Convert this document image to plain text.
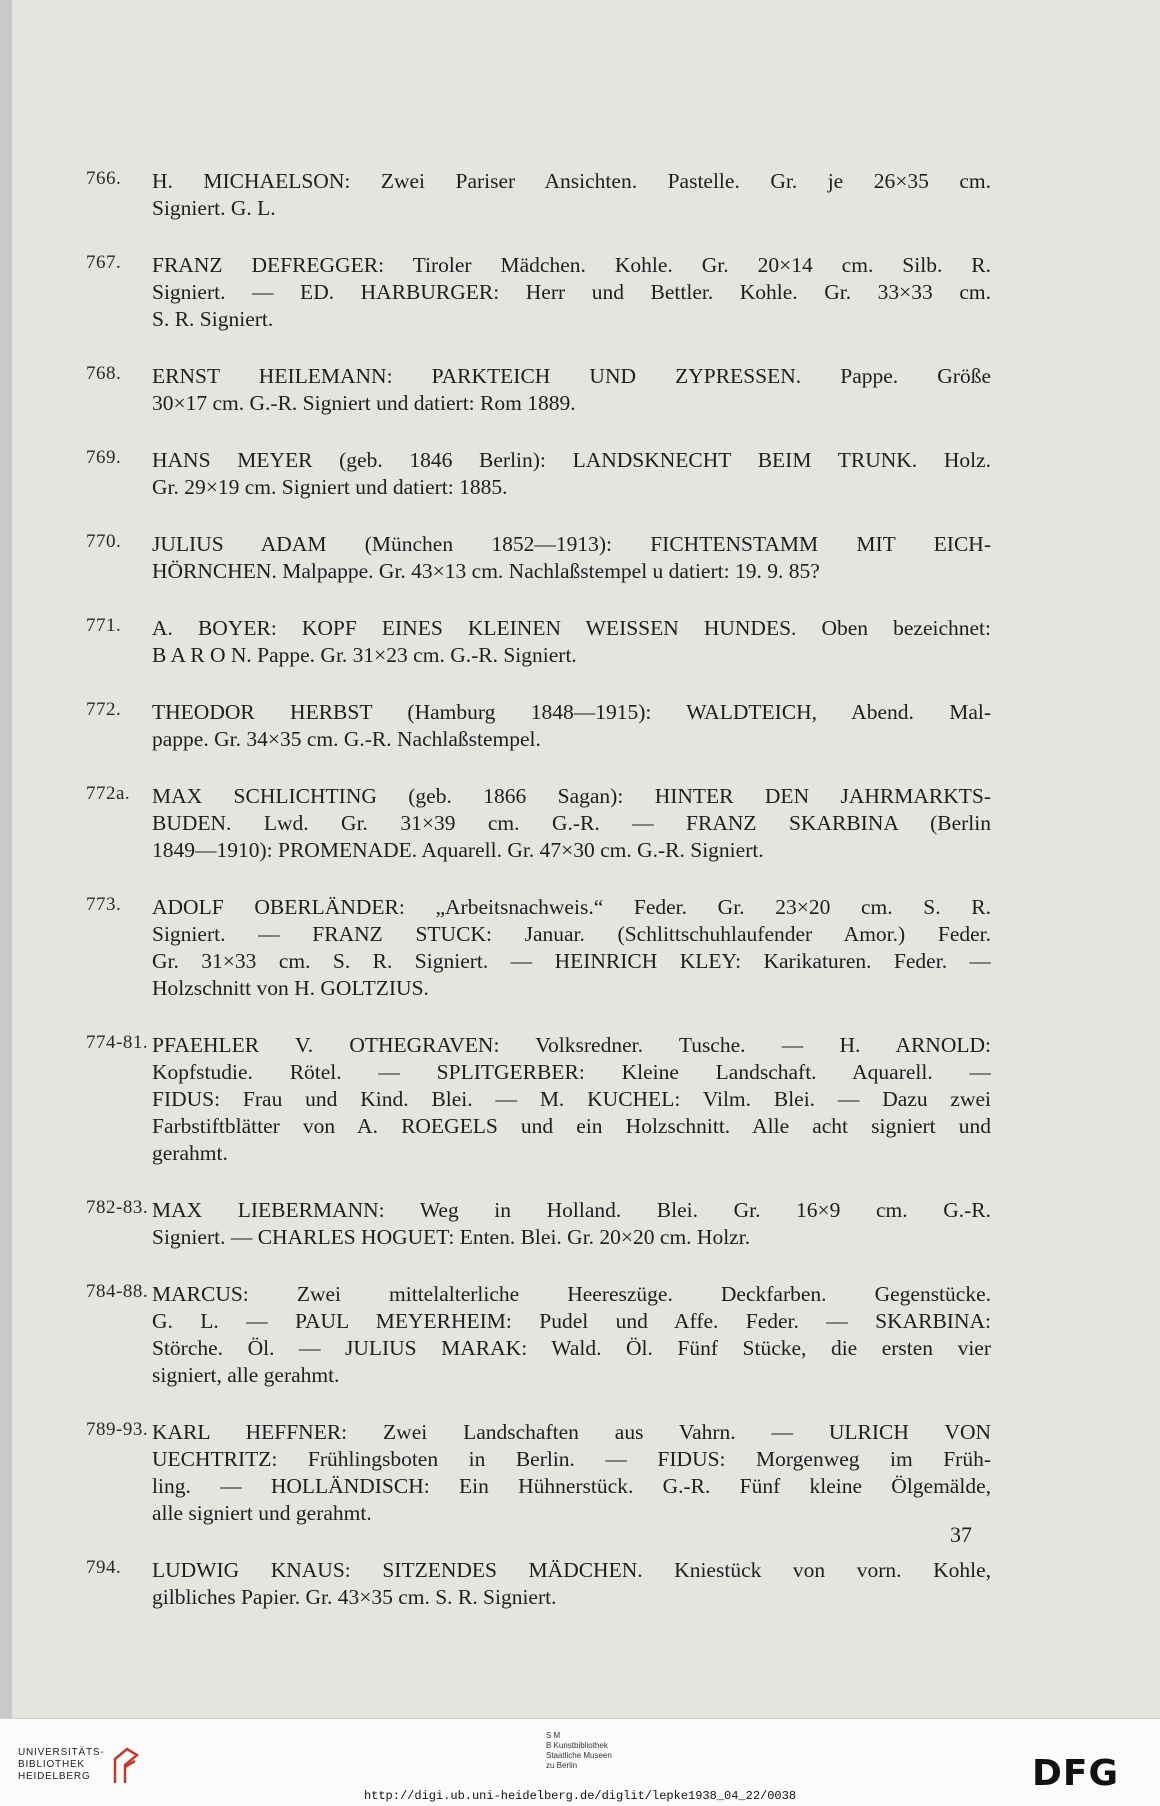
766. H. MICHAELSON: Zwei Pariser Ansichten. Pastelle. Gr. je 26×35 cm.
Signiert. G. L.
767. FRANZ DEFREGGER: Tiroler Mädchen. Kohle. Gr. 20×14 cm. Silb. R.
Signiert. — ED. HARBURGER: Herr und Bettler. Kohle. Gr. 33×33 cm.
S. R. Signiert.
768. ERNST HEILEMANN: PARKTEICH UND ZYPRESSEN. Pappe. Größe
30×17 cm. G.-R. Signiert und datiert: Rom 1889.
769. HANS MEYER (geb. 1846 Berlin): LANDSKNECHT BEIM TRUNK. Holz.
Gr. 29×19 cm. Signiert und datiert: 1885.
770. JULIUS ADAM (München 1852—1913): FICHTENSTAMM MIT EICH-
HÖRNCHEN. Malpappe. Gr. 43×13 cm. Nachlaßstempel u datiert: 19. 9. 85?
771. A. BOYER: KOPF EINES KLEINEN WEISSEN HUNDES. Oben bezeichnet:
B A R O N. Pappe. Gr. 31×23 cm. G.-R. Signiert.
772. THEODOR HERBST (Hamburg 1848—1915): WALDTEICH, Abend. Mal-
pappe. Gr. 34×35 cm. G.-R. Nachlaßstempel.
772a. MAX SCHLICHTING (geb. 1866 Sagan): HINTER DEN JAHRMARKTS-
BUDEN. Lwd. Gr. 31×39 cm. G.-R. — FRANZ SKARBINA (Berlin
1849—1910): PROMENADE. Aquarell. Gr. 47×30 cm. G.-R. Signiert.
773. ADOLF OBERLÄNDER: „Arbeitsnachweis.“ Feder. Gr. 23×20 cm. S. R.
Signiert. — FRANZ STUCK: Januar. (Schlittschuhlaufender Amor.) Feder.
Gr. 31×33 cm. S. R. Signiert. — HEINRICH KLEY: Karikaturen. Feder. —
Holzschnitt von H. GOLTZIUS.
774-81. PFAEHLER V. OTHEGRAVEN: Volksredner. Tusche. — H. ARNOLD:
Kopfstudie. Rötel. — SPLITGERBER: Kleine Landschaft. Aquarell. —
FIDUS: Frau und Kind. Blei. — M. KUCHEL: Vilm. Blei. — Dazu zwei
Farbstiftblätter von A. ROEGELS und ein Holzschnitt. Alle acht signiert und
gerahmt.
782-83. MAX LIEBERMANN: Weg in Holland. Blei. Gr. 16×9 cm. G.-R.
Signiert. — CHARLES HOGUET: Enten. Blei. Gr. 20×20 cm. Holzr.
784-88. MARCUS: Zwei mittelalterliche Heereszüge. Deckfarben. Gegenstücke.
G. L. — PAUL MEYERHEIM: Pudel und Affe. Feder. — SKARBINA:
Störche. Öl. — JULIUS MARAK: Wald. Öl. Fünf Stücke, die ersten vier
signiert, alle gerahmt.
789-93. KARL HEFFNER: Zwei Landschaften aus Vahrn. — ULRICH VON
UECHTRITZ: Frühlingsboten in Berlin. — FIDUS: Morgenweg im Früh-
ling. — HOLLÄNDISCH: Ein Hühnerstück. G.-R. Fünf kleine Ölgemälde,
alle signiert und gerahmt.
794. LUDWIG KNAUS: SITZENDES MÄDCHEN. Kniestück von vorn. Kohle,
gilbliches Papier. Gr. 43×35 cm. S. R. Signiert.
37
UNIVERSITÄTS-
BIBLIOTHEK
HEIDELBERG
S M
B Kunstbibliothek
Staatliche Museen
zu Berlin	DFG
http://digi.ub.uni-heidelberg.de/diglit/lepke1938_04_22/0038
